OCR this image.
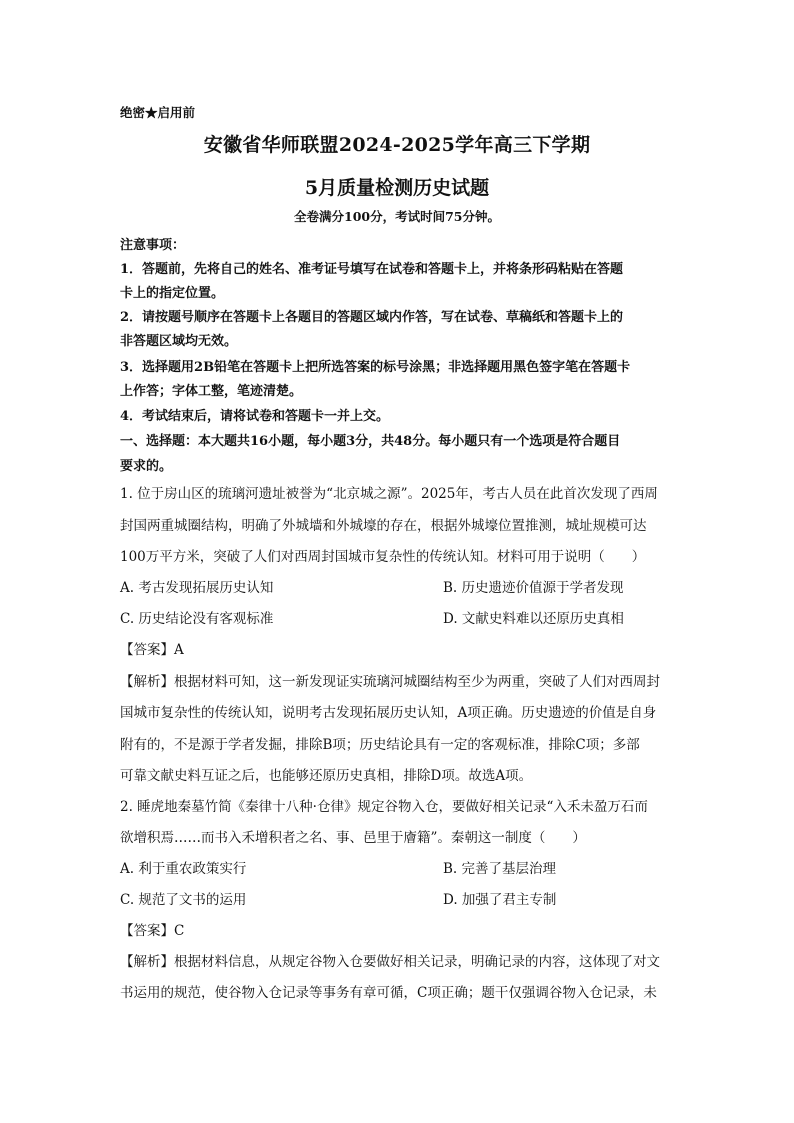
绝密★启用前
安徽省华师联盟2024-2025学年高三下学期
5月质量检测历史试题
全卷满分100分，考试时间75分钟。
注意事项：
1．答题前，先将自己的姓名、准考证号填写在试卷和答题卡上，并将条形码粘贴在答题
卡上的指定位置。
2．请按题号顺序在答题卡上各题目的答题区域内作答，写在试卷、草稿纸和答题卡上的
非答题区域均无效。
3．选择题用2B铅笔在答题卡上把所选答案的标号涂黑；非选择题用黑色签字笔在答题卡
上作答；字体工整，笔迹清楚。
4．考试结束后，请将试卷和答题卡一并上交。
一、选择题：本大题共16小题，每小题3分，共48分。每小题只有一个选项是符合题目
要求的。
1. 位于房山区的琉璃河遗址被誉为“北京城之源”。2025年，考古人员在此首次发现了西周
封国两重城圈结构，明确了外城墙和外城壕的存在，根据外城壕位置推测，城址规模可达
100万平方米，突破了人们对西周封国城市复杂性的传统认知。材料可用于说明（　　）
A. 考古发现拓展历史认知	B. 历史遗迹价值源于学者发现
C. 历史结论没有客观标准	D. 文献史料难以还原历史真相
【答案】A
【解析】根据材料可知，这一新发现证实琉璃河城圈结构至少为两重，突破了人们对西周封
国城市复杂性的传统认知，说明考古发现拓展历史认知，A项正确。历史遗迹的价值是自身
附有的，不是源于学者发掘，排除B项；历史结论具有一定的客观标准，排除C项；多部
可靠文献史料互证之后，也能够还原历史真相，排除D项。故选A项。
2. 睡虎地秦墓竹简《秦律十八种·仓律》规定谷物入仓，要做好相关记录“入禾未盈万石而
欲增积焉……而书入禾增积者之名、事、邑里于廥籍”。秦朝这一制度（　　）
A. 利于重农政策实行	B. 完善了基层治理
C. 规范了文书的运用	D. 加强了君主专制
【答案】C
【解析】根据材料信息，从规定谷物入仓要做好相关记录，明确记录的内容，这体现了对文
书运用的规范，使谷物入仓记录等事务有章可循，C项正确；题干仅强调谷物入仓记录，未
